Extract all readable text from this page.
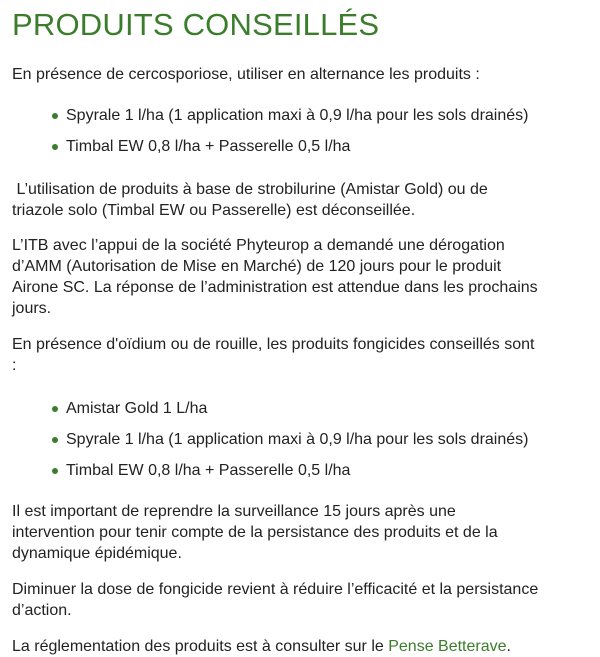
PRODUITS CONSEILLÉS

En présence de cercosporiose, utiliser en alternance les produits :

Spyrale 1 l/ha (1 application maxi à 0,9 l/ha pour les sols drainés)
Timbal EW 0,8 l/ha + Passerelle 0,5 l/ha

L’utilisation de produits à base de strobilurine (Amistar Gold) ou de
triazole solo (Timbal EW ou Passerelle) est déconseillée.

L’ITB avec l’appui de la société Phyteurop a demandé une dérogation
d’AMM (Autorisation de Mise en Marché) de 120 jours pour le produit
Airone SC. La réponse de l’administration est attendue dans les prochains
jours.

En présence d'oïdium ou de rouille, les produits fongicides conseillés sont
:

Amistar Gold 1 L/ha
Spyrale 1 l/ha (1 application maxi à 0,9 l/ha pour les sols drainés)
Timbal EW 0,8 l/ha + Passerelle 0,5 l/ha

Il est important de reprendre la surveillance 15 jours après une
intervention pour tenir compte de la persistance des produits et de la
dynamique épidémique.

Diminuer la dose de fongicide revient à réduire l’efficacité et la persistance
d’action.

La réglementation des produits est à consulter sur le Pense Betterave.
